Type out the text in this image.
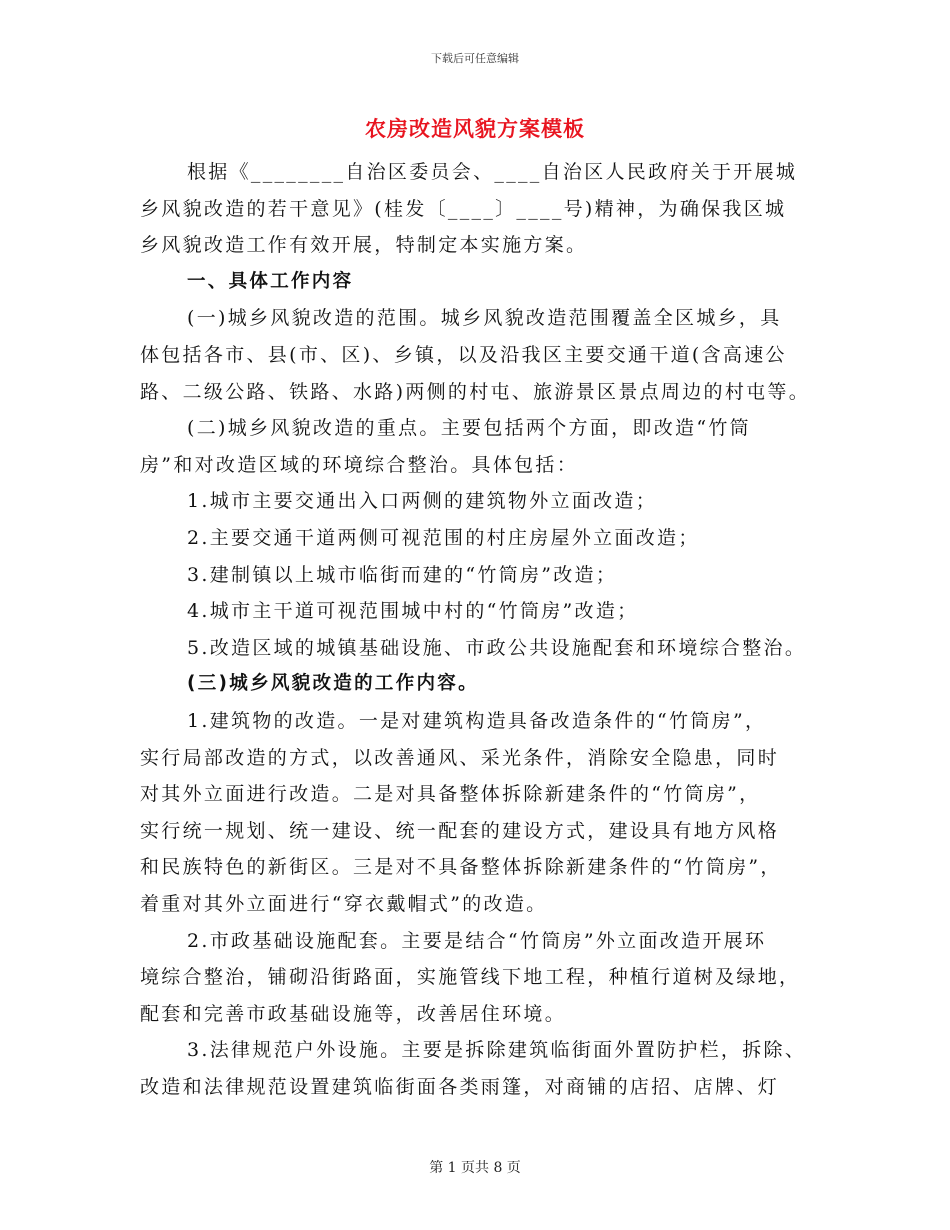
下载后可任意编辑
农房改造风貌方案模板
根据《________自治区委员会、____自治区人民政府关于开展城
乡风貌改造的若干意见》(桂发〔____〕____号)精神，为确保我区城
乡风貌改造工作有效开展，特制定本实施方案。
一、具体工作内容
(一)城乡风貌改造的范围。城乡风貌改造范围覆盖全区城乡，具
体包括各市、县(市、区)、乡镇，以及沿我区主要交通干道(含高速公
路、二级公路、铁路、水路)两侧的村屯、旅游景区景点周边的村屯等。
(二)城乡风貌改造的重点。主要包括两个方面，即改造“竹筒
房”和对改造区域的环境综合整治。具体包括：
1.城市主要交通出入口两侧的建筑物外立面改造；
2.主要交通干道两侧可视范围的村庄房屋外立面改造；
3.建制镇以上城市临街而建的“竹筒房”改造；
4.城市主干道可视范围城中村的“竹筒房”改造；
5.改造区域的城镇基础设施、市政公共设施配套和环境综合整治。
(三)城乡风貌改造的工作内容。
1.建筑物的改造。一是对建筑构造具备改造条件的“竹筒房”，
实行局部改造的方式，以改善通风、采光条件，消除安全隐患，同时
对其外立面进行改造。二是对具备整体拆除新建条件的“竹筒房”，
实行统一规划、统一建设、统一配套的建设方式，建设具有地方风格
和民族特色的新街区。三是对不具备整体拆除新建条件的“竹筒房”，
着重对其外立面进行“穿衣戴帽式”的改造。
2.市政基础设施配套。主要是结合“竹筒房”外立面改造开展环
境综合整治，铺砌沿街路面，实施管线下地工程，种植行道树及绿地，
配套和完善市政基础设施等，改善居住环境。
3.法律规范户外设施。主要是拆除建筑临街面外置防护栏，拆除、
改造和法律规范设置建筑临街面各类雨篷，对商铺的店招、店牌、灯
第 1 页共 8 页
